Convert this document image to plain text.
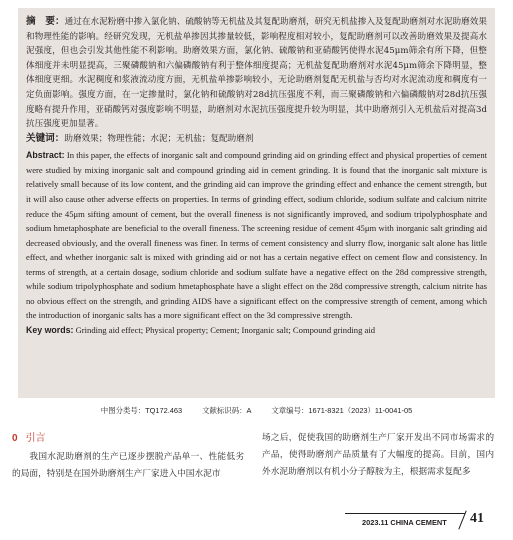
摘　要：通过在水泥粉磨中掺入氯化钠、硫酸钠等无机盐及其复配助磨剂，研究无机盐掺入及复配助磨剂对水泥助磨效果和物理性能的影响。经研究发现，无机盐单掺因其掺量较低，影响程度相对较小，复配助磨剂可以改善助磨效果及提高水泥强度，但也会引发其他性能不利影响。助磨效果方面，氯化钠、硫酸钠和亚硝酸钙使得水泥45μm筛余有所下降，但整体细度并未明显提高，三聚磷酸钠和六偏磷酸钠有利于整体细度提高；无机盐复配助磨剂对水泥45μm筛余下降明显，整体细度更细。水泥稠度和浆液流动度方面，无机盐单掺影响较小，无论助磨剂复配无机盐与否均对水泥流动度和稠度有一定负面影响。强度方面，在一定掺量时，氯化钠和硫酸钠对28d抗压强度不利，而三聚磷酸钠和六偏磷酸钠对28d抗压强度略有提升作用，亚硝酸钙对强度影响不明显，助磨剂对水泥抗压强度提升较为明显，其中助磨剂引入无机盐后对提高3d抗压强度更加显著。

关键词：助磨效果；物理性能；水泥；无机盐；复配助磨剂

Abstract: In this paper, the effects of inorganic salt and compound grinding aid on grinding effect and physical properties of cement were studied by mixing inorganic salt and compound grinding aid in cement grinding. It is found that the inorganic salt mixture is relatively small because of its low content, and the grinding aid can improve the grinding effect and enhance the cement strength, but it will also cause other adverse effects on properties. In terms of grinding effect, sodium chloride, sodium sulfate and calcium nitrite reduce the 45μm sifting amount of cement, but the overall fineness is not significantly improved, and sodium tripolyphosphate and sodium hmetaphosphate are beneficial to the overall fineness. The screening residue of cement 45μm with inorganic salt grinding aid decreased obviously, and the overall fineness was finer. In terms of cement consistency and slurry flow, inorganic salt alone has little effect, and whether inorganic salt is mixed with grinding aid or not has a certain negative effect on cement flow and consistency. In terms of strength, at a certain dosage, sodium chloride and sodium sulfate have a negative effect on the 28d compressive strength, while sodium tripolyphosphate and sodium hmetaphosphate have a slight effect on the 28d compressive strength, calcium nitrite has no obvious effect on the strength, and grinding AIDS have a significant effect on the compressive strength of cement, among which the introduction of inorganic salts has a more significant effect on the 3d compressive strength.

Key words: Grinding aid effect; Physical property; Cement; Inorganic salt; Compound grinding aid

中图分类号：TQ172.463	文献标识码：A	文章编号：1671-8321（2023）11-0041-05
0 引言

我国水泥助磨剂的生产已逐步摆脱产品单一、性能低劣的局面，特别是在国外助磨剂生产厂家进入中国水泥市

场之后，促使我国的助磨剂生产厂家开发出不同市场需求的产品，使得助磨剂产品质量有了大幅度的提高。目前，国内外水泥助磨剂以有机小分子醇胺为主，根据需求复配多

2023.11 CHINA CEMENT 41
